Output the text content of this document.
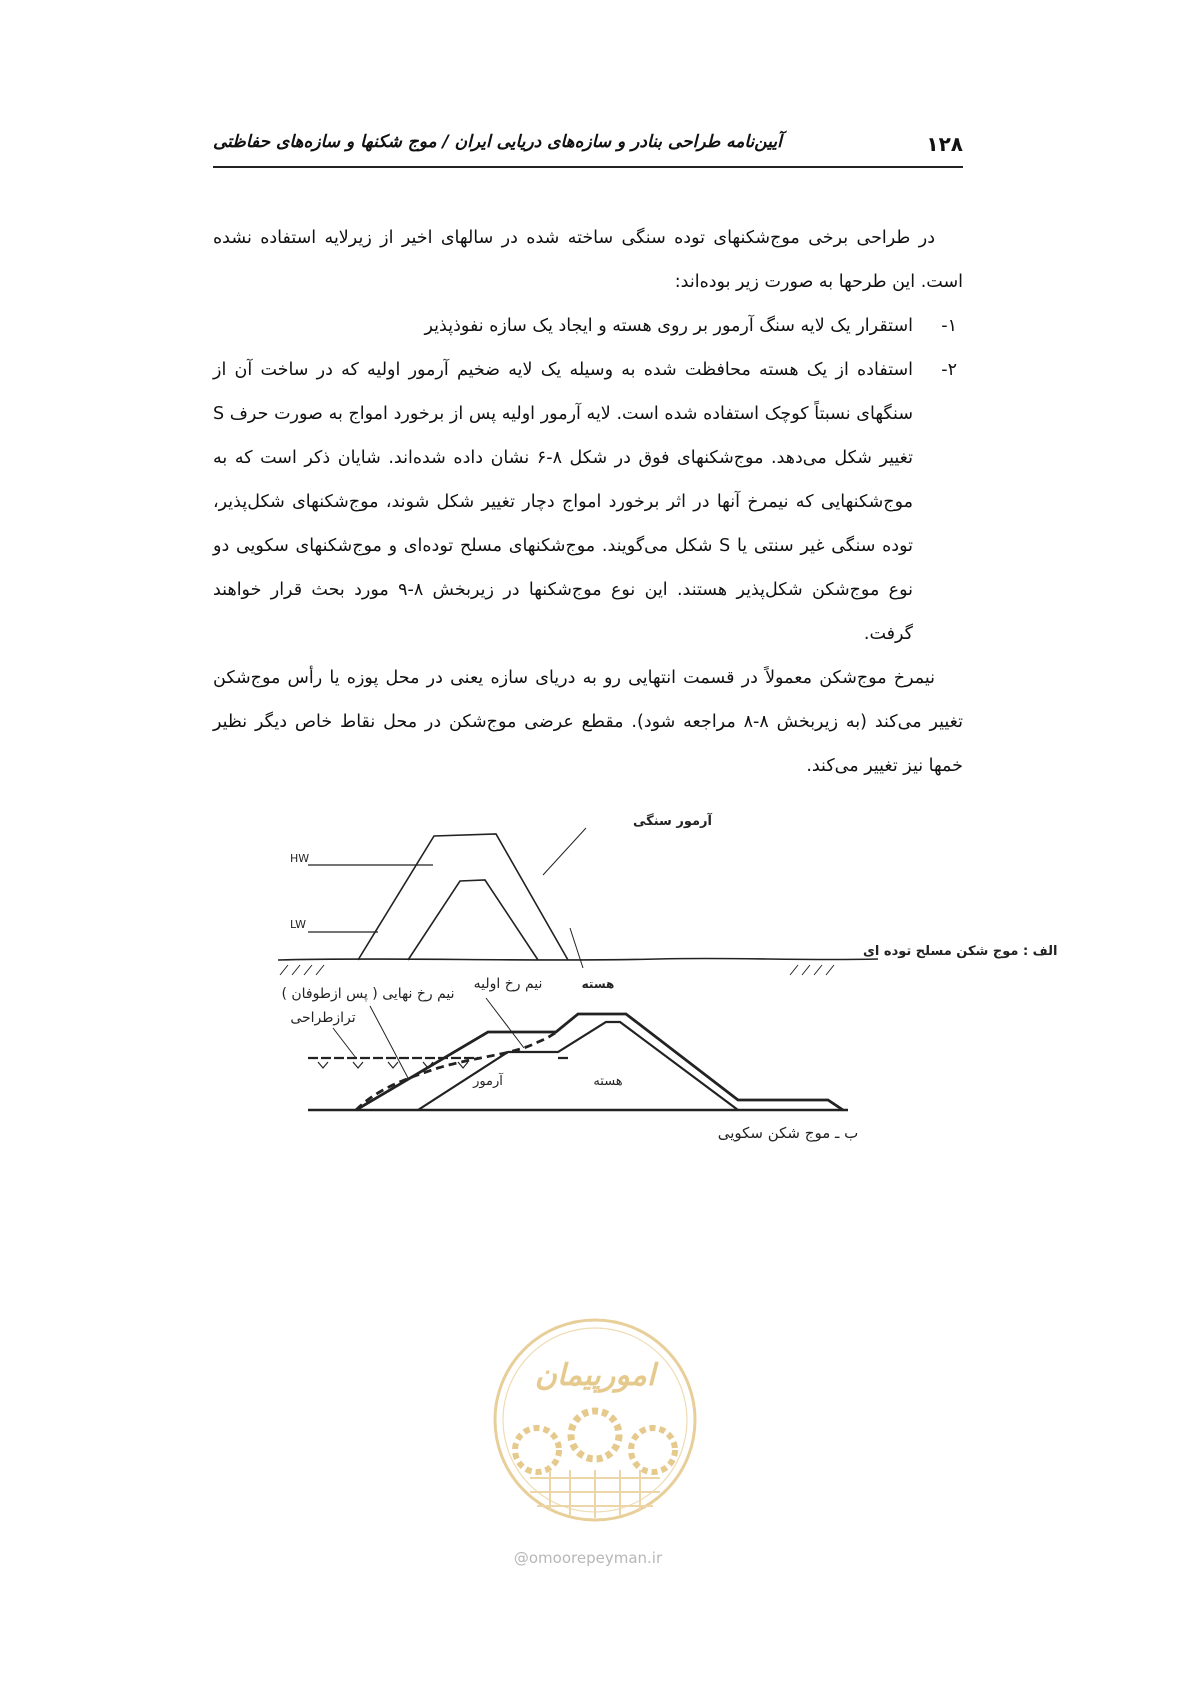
۱۲۸
آیین‌نامه طراحی بنادر و سازه‌های دریایی ایران / موج شکنها و سازه‌های حفاظتی

در طراحی برخی موج‌شکنهای توده سنگی ساخته شده در سالهای اخیر از زیرلایه استفاده نشده است. این طرحها به صورت زیر بوده‌اند:

۱-

استقرار یک لایه سنگ آرمور بر روی هسته و ایجاد یک سازه نفوذپذیر

۲-

استفاده از یک هسته محافظت شده به وسیله یک لایه ضخیم آرمور اولیه که در ساخت آن از سنگهای نسبتاً کوچک استفاده شده است. لایه آرمور اولیه پس از برخورد امواج به صورت حرف S تغییر شکل می‌دهد. موج‌شکنهای فوق در شکل ۸-۶ نشان داده شده‌اند. شایان ذکر است که به موج‌شکنهایی که نیمرخ آنها در اثر برخورد امواج دچار تغییر شکل شوند، موج‌شکنهای شکل‌پذیر، توده سنگی غیر سنتی یا S شکل می‌گویند. موج‌شکنهای مسلح توده‌ای و موج‌شکنهای سکویی دو نوع موج‌شکن شکل‌پذیر هستند. این نوع موج‌شکنها در زیربخش ۸-۹ مورد بحث قرار خواهند گرفت.

نیمرخ موج‌شکن معمولاً در قسمت انتهایی رو به دریای سازه یعنی در محل پوزه یا رأس موج‌شکن تغییر می‌کند (به زیربخش ۸-۸ مراجعه شود). مقطع عرضی موج‌شکن در محل نقاط خاص دیگر نظیر خمها نیز تغییر می‌کند.

HW
LW
آرمور سنگی
هسته
الف : موج شکن مسلح توده ای
نیم رخ اولیه
نیم رخ نهایی ( پس ازطوفان )
ترازطراحی
آرمور	هسته
ب ـ موج شکن سکویی
امورپیمان
@omoorepeyman.ir
